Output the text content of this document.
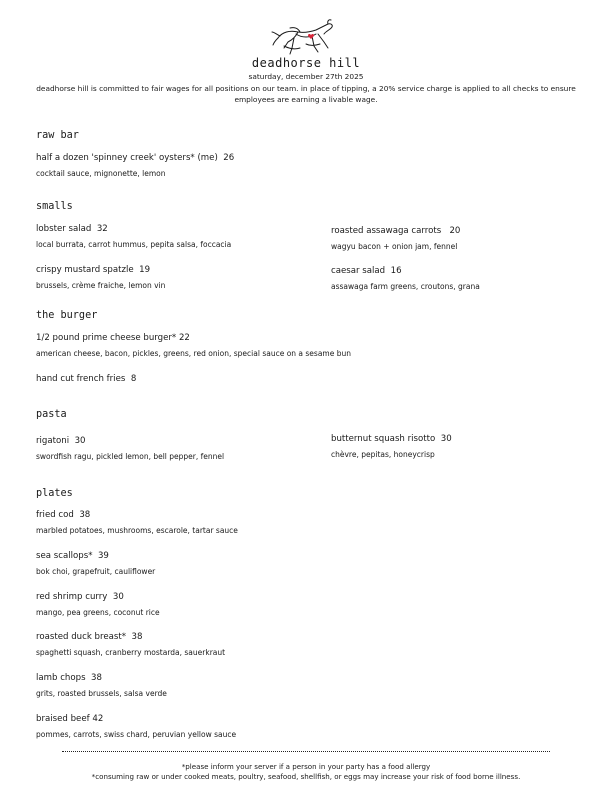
deadhorse hill
saturday, december 27th 2025
deadhorse hill is committed to fair wages for all positions on our team. in place of tipping, a 20% service charge is applied to all checks to ensure employees are earning a livable wage.
raw bar
half a dozen 'spinney creek' oysters* (me) 26
cocktail sauce, mignonette, lemon
smalls
lobster salad 32
local burrata, carrot hummus, pepita salsa, foccacia
roasted assawaga carrots 20
wagyu bacon + onion jam, fennel
crispy mustard spatzle 19
brussels, crème fraiche, lemon vin
caesar salad 16
assawaga farm greens, croutons, grana
the burger
1/2 pound prime cheese burger* 22
american cheese, bacon, pickles, greens, red onion, special sauce on a sesame bun
hand cut french fries 8
pasta
rigatoni 30
swordfish ragu, pickled lemon, bell pepper, fennel
butternut squash risotto 30
chèvre, pepitas, honeycrisp
plates
fried cod 38
marbled potatoes, mushrooms, escarole, tartar sauce
sea scallops* 39
bok choi, grapefruit, cauliflower
red shrimp curry 30
mango, pea greens, coconut rice
roasted duck breast* 38
spaghetti squash, cranberry mostarda, sauerkraut
lamb chops 38
grits, roasted brussels, salsa verde
braised beef 42
pommes, carrots, swiss chard, peruvian yellow sauce
*please inform your server if a person in your party has a food allergy
*consuming raw or under cooked meats, poultry, seafood, shellfish, or eggs may increase your risk of food borne illness.
